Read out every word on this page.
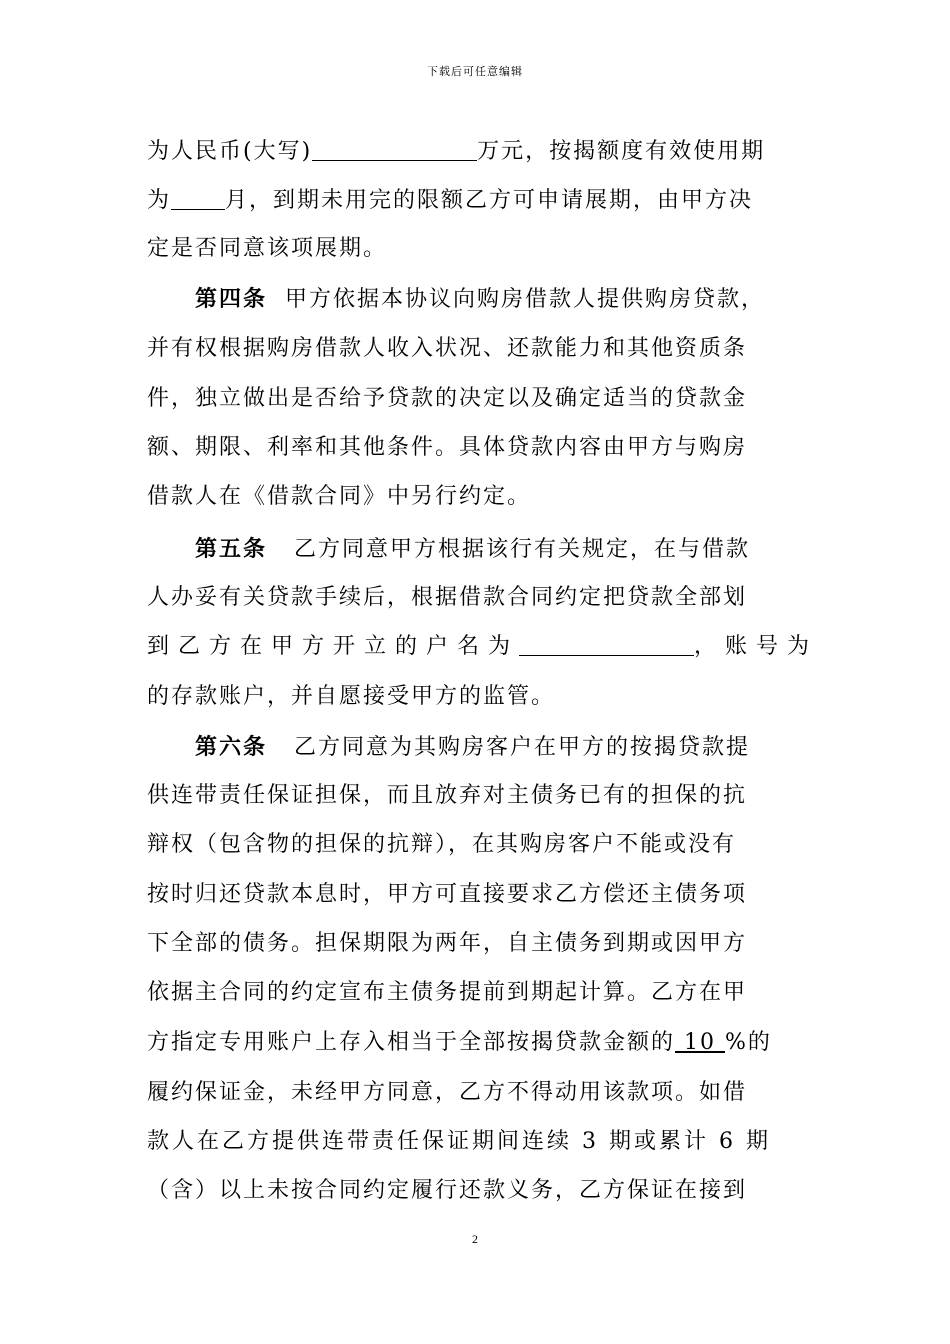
下载后可任意编辑
为人民币(大写)	万元，按揭额度有效使用期
为 月，到期未用完的限额乙方可申请展期，由甲方决
定是否同意该项展期。
第四条 甲方依据本协议向购房借款人提供购房贷款，
并有权根据购房借款人收入状况、还款能力和其他资质条
件，独立做出是否给予贷款的决定以及确定适当的贷款金
额、期限、利率和其他条件。具体贷款内容由甲方与购房
借款人在《借款合同》中另行约定。
第五条 乙方同意甲方根据该行有关规定，在与借款
人办妥有关贷款手续后，根据借款合同约定把贷款全部划
到乙方在甲方开立的户名为	，账号为
的存款账户，并自愿接受甲方的监管。
第六条 乙方同意为其购房客户在甲方的按揭贷款提
供连带责任保证担保，而且放弃对主债务已有的担保的抗
辩权（包含物的担保的抗辩），在其购房客户不能或没有
按时归还贷款本息时，甲方可直接要求乙方偿还主债务项
下全部的债务。担保期限为两年，自主债务到期或因甲方
依据主合同的约定宣布主债务提前到期起计算。乙方在甲
方指定专用账户上存入相当于全部按揭贷款金额的 10 %的
履约保证金，未经甲方同意，乙方不得动用该款项。如借
款人在乙方提供连带责任保证期间连续 3 期或累计 6 期
（含）以上未按合同约定履行还款义务，乙方保证在接到
2
